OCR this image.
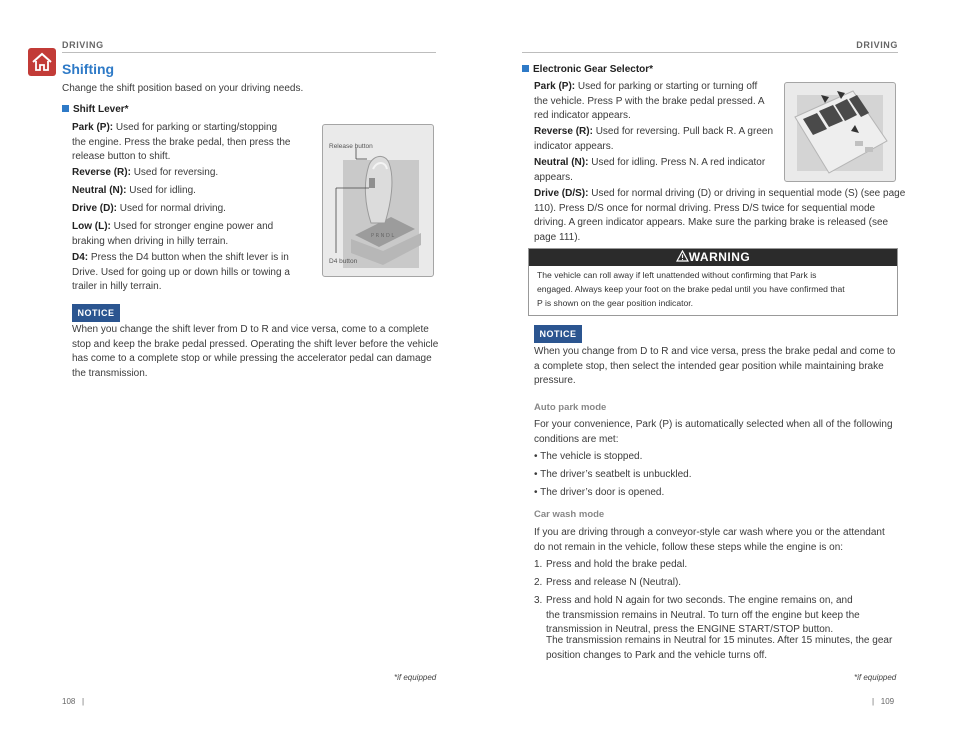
DRIVING
Shifting

Change the shift position based on your driving needs.

Shift Lever*

Park (P): Used for parking or starting/stopping

the engine. Press the brake pedal, then press the

release button to shift.

Reverse (R): Used for reversing.

Neutral (N): Used for idling.

Drive (D): Used for normal driving.

Low (L): Used for stronger engine power and

braking when driving in hilly terrain.

D4: Press the D4 button when the shift lever is in

Drive. Used for going up or down hills or towing a

trailer in hilly terrain.

P R N D L
Release button
D4 button
NOTICE

When you change the shift lever from D to R and vice versa, come to a complete

stop and keep the brake pedal pressed. Operating the shift lever before the vehicle

has come to a complete stop or while pressing the accelerator pedal can damage

the transmission.

*if equipped
108   |
DRIVING
Electronic Gear Selector*

Park (P): Used for parking or starting or turning off

the vehicle. Press P with the brake pedal pressed. A

red indicator appears.

Reverse (R): Used for reversing. Pull back R. A green

indicator appears.

Neutral (N): Used for idling. Press N. A red indicator

appears.

Drive (D/S): Used for normal driving (D) or driving in sequential mode (S) (see page

110). Press D/S once for normal driving. Press D/S twice for sequential mode

driving. A green indicator appears. Make sure the parking brake is released (see

page 111).

WARNING

The vehicle can roll away if left unattended without confirming that Park is

engaged. Always keep your foot on the brake pedal until you have confirmed that

P is shown on the gear position indicator.

NOTICE

When you change from D to R and vice versa, press the brake pedal and come to

a complete stop, then select the intended gear position while maintaining brake

pressure.

Auto park mode

For your convenience, Park (P) is automatically selected when all of the following

conditions are met:

• The vehicle is stopped.

• The driver’s seatbelt is unbuckled.

• The driver’s door is opened.

Car wash mode

If you are driving through a conveyor-style car wash where you or the attendant

do not remain in the vehicle, follow these steps while the engine is on:

1. Press and hold the brake pedal.

2. Press and release N (Neutral).

3. Press and hold N again for two seconds. The engine remains on, and

the transmission remains in Neutral. To turn off the engine but keep the

transmission in Neutral, press the ENGINE START/STOP button.

The transmission remains in Neutral for 15 minutes. After 15 minutes, the gear

position changes to Park and the vehicle turns off.

*if equipped
|   109
